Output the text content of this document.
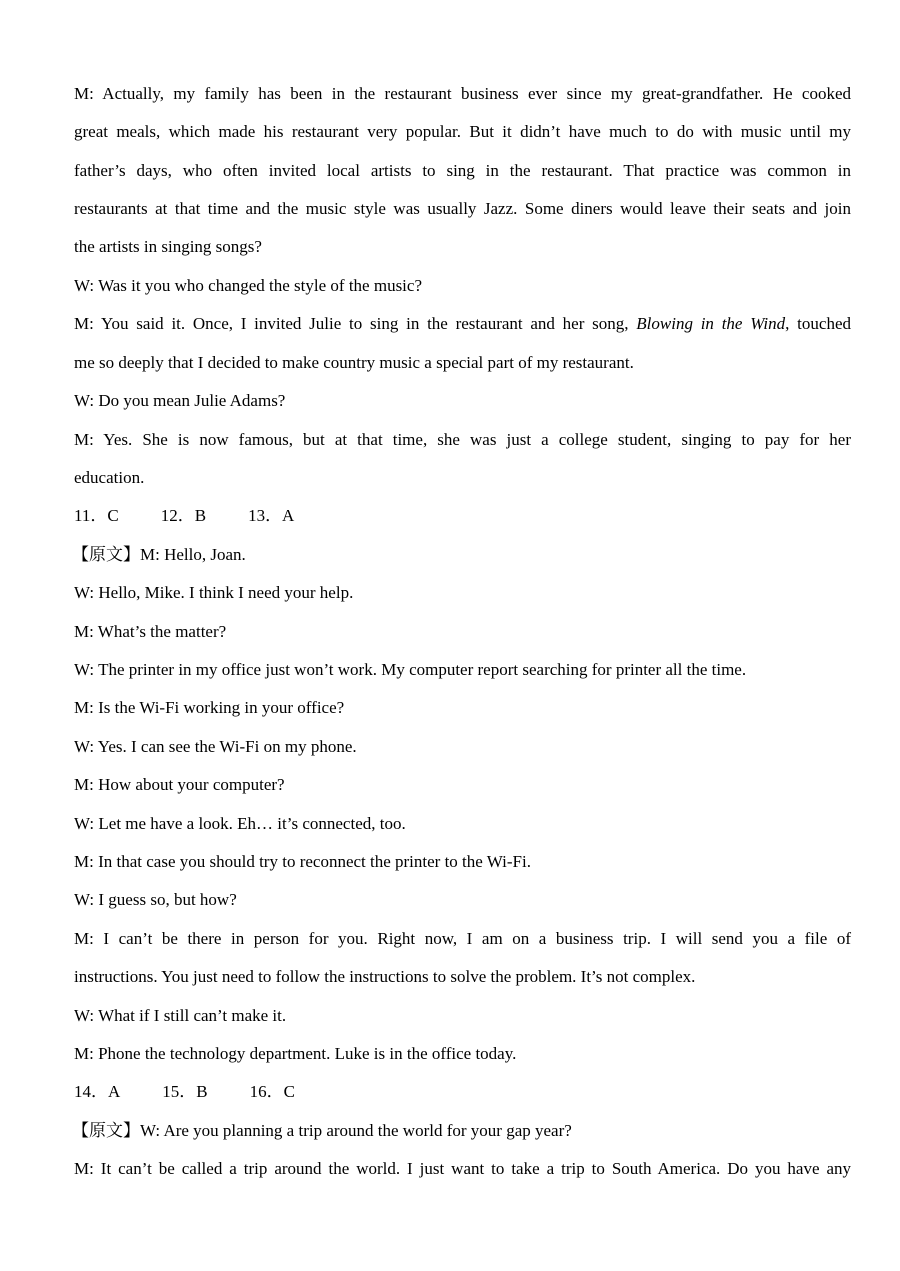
M: Actually, my family has been in the restaurant business ever since my great-grandfather. He cooked
great meals, which made his restaurant very popular. But it didn’t have much to do with music until my
father’s days, who often invited local artists to sing in the restaurant. That practice was common in
restaurants at that time and the music style was usually Jazz. Some diners would leave their seats and join
the artists in singing songs?
W: Was it you who changed the style of the music?
M: You said it. Once, I invited Julie to sing in the restaurant and her song, Blowing in the Wind, touched
me so deeply that I decided to make country music a special part of my restaurant.
W: Do you mean Julie Adams?
M: Yes. She is now famous, but at that time, she was just a college student, singing to pay for her
education.
11．C 12．B 13．A
【原文】M: Hello, Joan.
W: Hello, Mike. I think I need your help.
M: What’s the matter?
W: The printer in my office just won’t work. My computer report searching for printer all the time.
M: Is the Wi-Fi working in your office?
W: Yes. I can see the Wi-Fi on my phone.
M: How about your computer?
W: Let me have a look. Eh… it’s connected, too.
M: In that case you should try to reconnect the printer to the Wi-Fi.
W: I guess so, but how?
M: I can’t be there in person for you. Right now, I am on a business trip. I will send you a file of
instructions. You just need to follow the instructions to solve the problem. It’s not complex.
W: What if I still can’t make it.
M: Phone the technology department. Luke is in the office today.
14．A 15．B 16．C
【原文】W: Are you planning a trip around the world for your gap year?
M: It can’t be called a trip around the world. I just want to take a trip to South America. Do you have any
